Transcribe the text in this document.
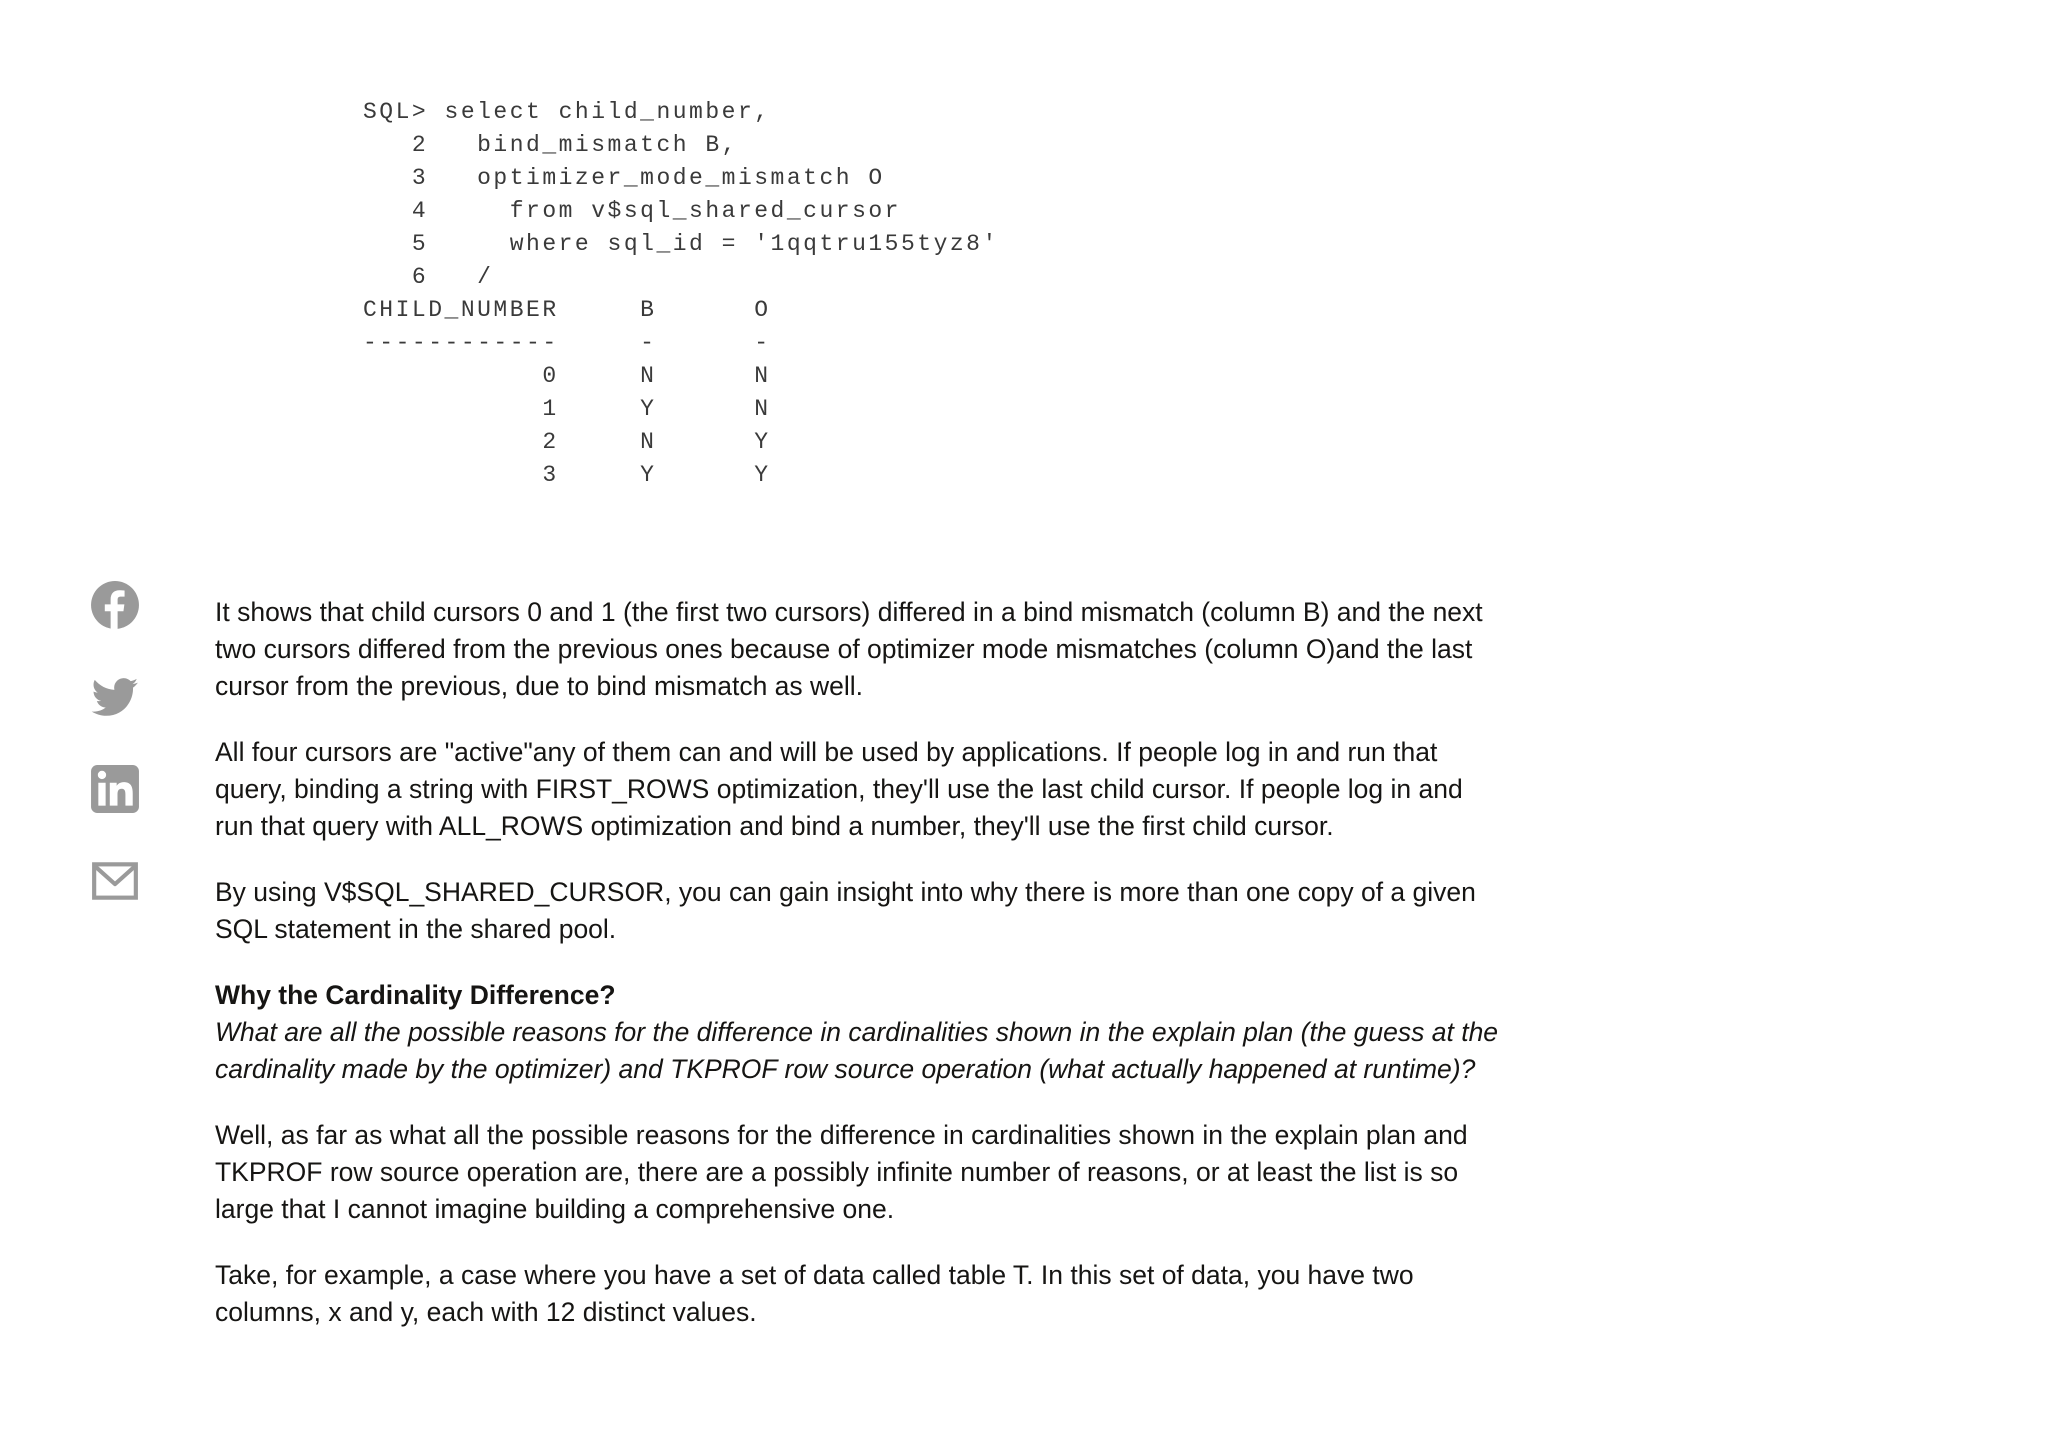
SQL> select child_number,
2   bind_mismatch B,
3   optimizer_mode_mismatch O
4     from v$sql_shared_cursor
5     where sql_id = '1qqtru155tyz8'
6   /
CHILD_NUMBER     B      O
------------     -      -
0     N      N
1     Y      N
2     N      Y
3     Y      Y

It shows that child cursors 0 and 1 (the first two cursors) differed in a bind mismatch (column B) and the next two cursors differed from the previous ones because of optimizer mode mismatches (column O)and the last cursor from the previous, due to bind mismatch as well.

All four cursors are "active"any of them can and will be used by applications. If people log in and run that query, binding a string with FIRST_ROWS optimization, they'll use the last child cursor. If people log in and run that query with ALL_ROWS optimization and bind a number, they'll use the first child cursor.

By using V$SQL_SHARED_CURSOR, you can gain insight into why there is more than one copy of a given SQL statement in the shared pool.

Why the Cardinality Difference?
What are all the possible reasons for the difference in cardinalities shown in the explain plan (the guess at the cardinality made by the optimizer) and TKPROF row source operation (what actually happened at runtime)?

Well, as far as what all the possible reasons for the difference in cardinalities shown in the explain plan and TKPROF row source operation are, there are a possibly infinite number of reasons, or at least the list is so large that I cannot imagine building a comprehensive one.

Take, for example, a case where you have a set of data called table T. In this set of data, you have two columns, x and y, each with 12 distinct values.
